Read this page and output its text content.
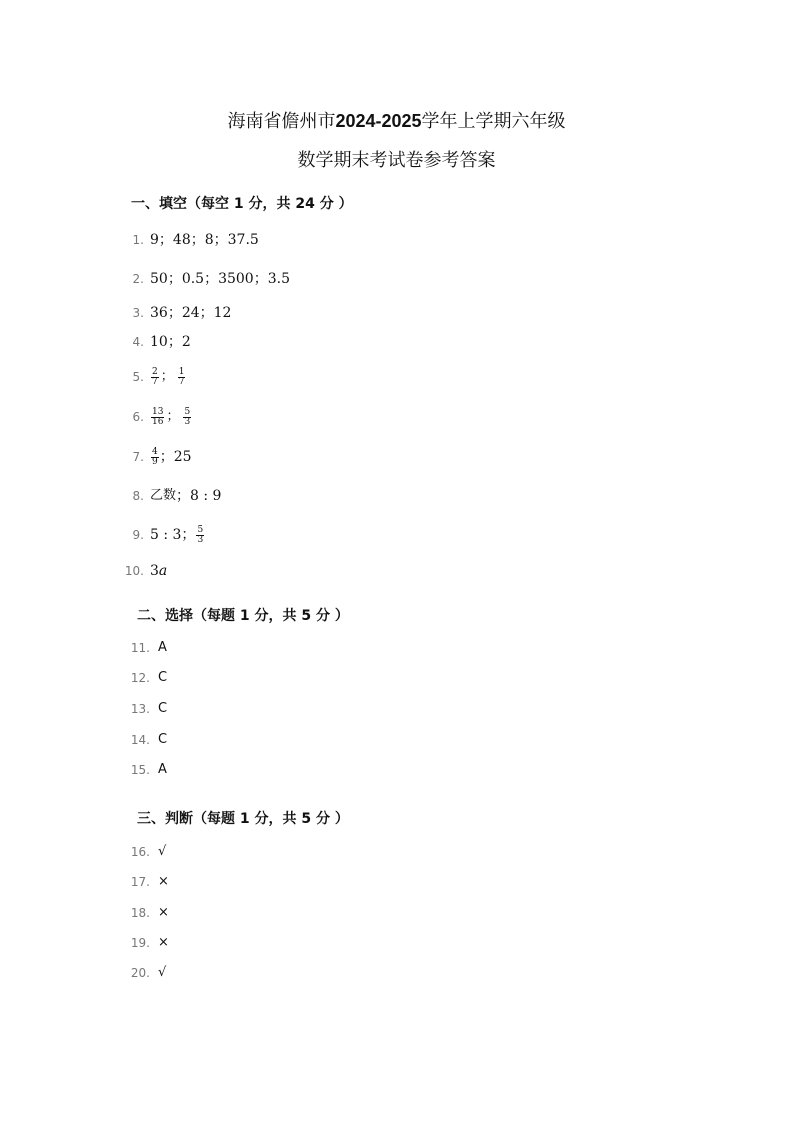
海南省儋州市2024-2025学年上学期六年级
数学期末考试卷参考答案
一、填空（每空 1 分，共 24 分 ）
1. 9；48；8；37.5
2. 50；0.5；3500；3.5
3. 36；24；12
4. 10；2
5. $\frac{2}{7}$ ； $\frac{1}{7}$
6. $\frac{13}{16}$ ； $\frac{5}{3}$
7. $\frac{4}{9}$ ；25
8. 乙数 ；8 : 9
9. 5 : 3； $\frac{5}{3}$
10. 3 a
二、选择（每题 1 分，共 5 分 ）
11. A
12. C
13. C
14. C
15. A
三、判断（每题 1 分，共 5 分 ）
16. √
17. ×
18. ×
19. ×
20. √
